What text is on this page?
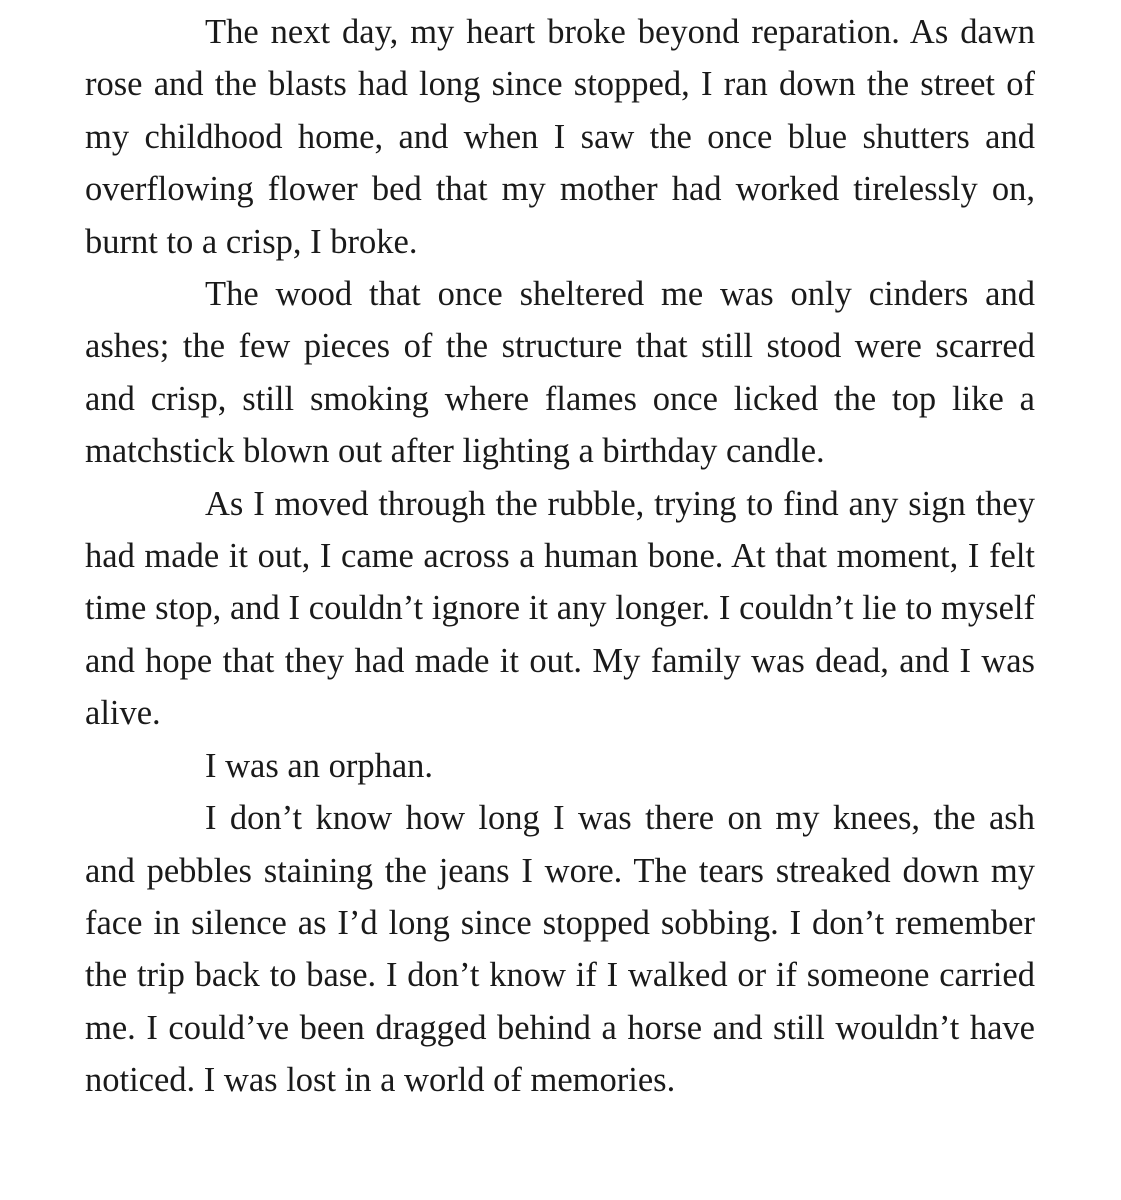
The next day, my heart broke beyond reparation. As dawn rose and the blasts had long since stopped, I ran down the street of my childhood home, and when I saw the once blue shutters and overflowing flower bed that my mother had worked tirelessly on, burnt to a crisp, I broke.

The wood that once sheltered me was only cinders and ashes; the few pieces of the structure that still stood were scarred and crisp, still smoking where flames once licked the top like a matchstick blown out after lighting a birthday candle.

As I moved through the rubble, trying to find any sign they had made it out, I came across a human bone. At that moment, I felt time stop, and I couldn’t ignore it any longer. I couldn’t lie to myself and hope that they had made it out. My family was dead, and I was alive.

I was an orphan.

I don’t know how long I was there on my knees, the ash and pebbles staining the jeans I wore. The tears streaked down my face in silence as I’d long since stopped sobbing. I don’t remember the trip back to base. I don’t know if I walked or if someone carried me. I could’ve been dragged behind a horse and still wouldn’t have noticed. I was lost in a world of memories.
